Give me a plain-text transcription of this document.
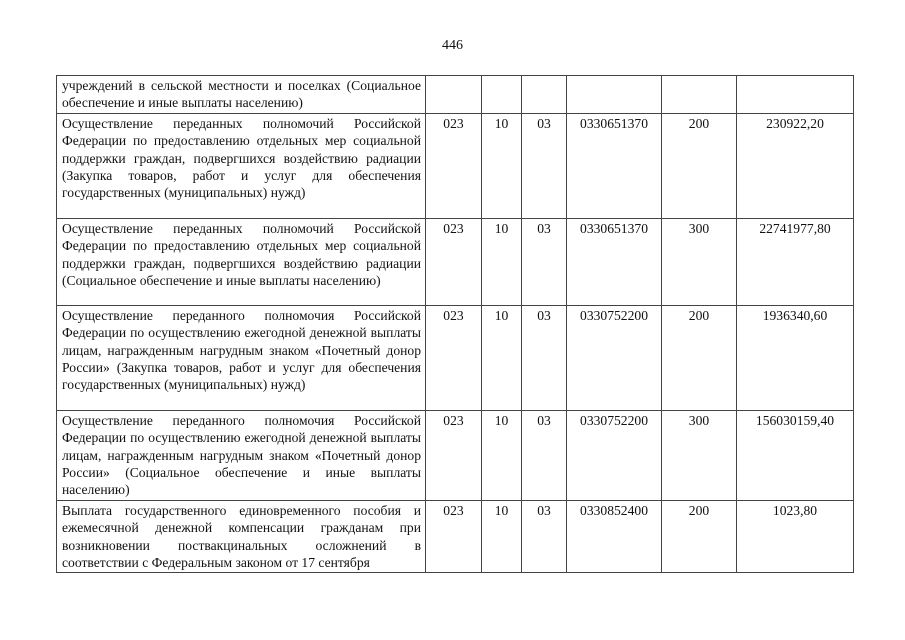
446
учреждений в сельской местности и поселках (Социальное обеспечение и иные выплаты населению)						
Осуществление переданных полномочий Российской Федерации по предоставлению отдельных мер социальной поддержки граждан, подвергшихся воздействию радиации (Закупка товаров, работ и услуг для обеспечения государственных (муниципальных) нужд)	023	10	03	0330651370	200	230922,20
Осуществление переданных полномочий Российской Федерации по предоставлению отдельных мер социальной поддержки граждан, подвергшихся воздействию радиации (Социальное обеспечение и иные выплаты населению)	023	10	03	0330651370	300	22741977,80
Осуществление переданного полномочия Российской Федерации по осуществлению ежегодной денежной выплаты лицам, награжденным нагрудным знаком «Почетный донор России» (Закупка товаров, работ и услуг для обеспечения государственных (муниципальных) нужд)	023	10	03	0330752200	200	1936340,60
Осуществление переданного полномочия Российской Федерации по осуществлению ежегодной денежной выплаты лицам, награжденным нагрудным знаком «Почетный донор России» (Социальное обеспечение и иные выплаты населению)	023	10	03	0330752200	300	156030159,40
Выплата государственного единовременного пособия и ежемесячной денежной компенсации гражданам при возникновении поствакцинальных осложнений в соответствии с Федеральным законом от 17 сентября	023	10	03	0330852400	200	1023,80
